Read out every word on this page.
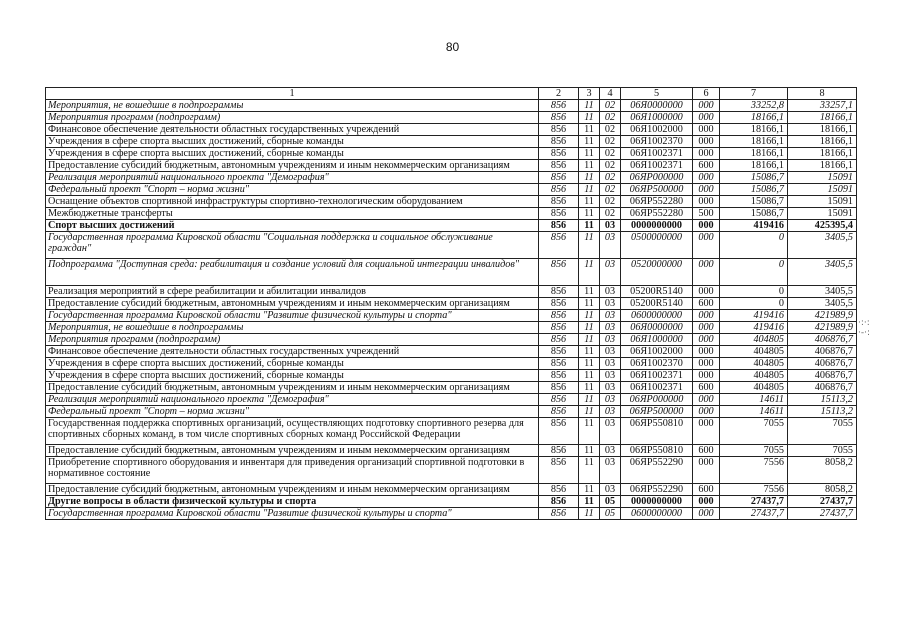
80
1	2	3	4	5	6	7	8
Мероприятия, не вошедшие в подпрограммы	856	11	02	06Я0000000	000	33252,8	33257,1
Мероприятия программ (подпрограмм)	856	11	02	06Я1000000	000	18166,1	18166,1
Финансовое обеспечение деятельности областных государственных учреждений	856	11	02	06Я1002000	000	18166,1	18166,1
Учреждения в сфере спорта высших достижений, сборные команды	856	11	02	06Я1002370	000	18166,1	18166,1
Учреждения в сфере спорта высших достижений, сборные команды	856	11	02	06Я1002371	000	18166,1	18166,1
Предоставление субсидий бюджетным, автономным учреждениям и иным некоммерческим организациям	856	11	02	06Я1002371	600	18166,1	18166,1
Реализация мероприятий национального проекта "Демография"	856	11	02	06ЯР000000	000	15086,7	15091
Федеральный проект "Спорт – норма жизни"	856	11	02	06ЯР500000	000	15086,7	15091
Оснащение объектов спортивной инфраструктуры спортивно-технологическим оборудованием	856	11	02	06ЯР552280	000	15086,7	15091
Межбюджетные трансферты	856	11	02	06ЯР552280	500	15086,7	15091
Спорт высших достижений	856	11	03	0000000000	000	419416	425395,4
Государственная программа Кировской области "Социальная поддержка и социальное обслуживание граждан"	856	11	03	0500000000	000	0	3405,5
Подпрограмма "Доступная среда: реабилитация и создание условий для социальной интеграции инвалидов"	856	11	03	0520000000	000	0	3405,5
Реализация мероприятий в сфере реабилитации и абилитации инвалидов	856	11	03	05200R5140	000	0	3405,5
Предоставление субсидий бюджетным, автономным учреждениям и иным некоммерческим организациям	856	11	03	05200R5140	600	0	3405,5
Государственная программа Кировской области "Развитие физической культуры и спорта"	856	11	03	0600000000	000	419416	421989,9
Мероприятия, не вошедшие в подпрограммы	856	11	03	06Я0000000	000	419416	421989,9
Мероприятия программ (подпрограмм)	856	11	03	06Я1000000	000	404805	406876,7
Финансовое обеспечение деятельности областных государственных учреждений	856	11	03	06Я1002000	000	404805	406876,7
Учреждения в сфере спорта высших достижений, сборные команды	856	11	03	06Я1002370	000	404805	406876,7
Учреждения в сфере спорта высших достижений, сборные команды	856	11	03	06Я1002371	000	404805	406876,7
Предоставление субсидий бюджетным, автономным учреждениям и иным некоммерческим организациям	856	11	03	06Я1002371	600	404805	406876,7
Реализация мероприятий национального проекта "Демография"	856	11	03	06ЯР000000	000	14611	15113,2
Федеральный проект "Спорт – норма жизни"	856	11	03	06ЯР500000	000	14611	15113,2
Государственная поддержка спортивных организаций, осуществляющих подготовку спортивного резерва для спортивных сборных команд, в том числе спортивных сборных команд Российской Федерации	856	11	03	06ЯР550810	000	7055	7055
Предоставление субсидий бюджетным, автономным учреждениям и иным некоммерческим организациям	856	11	03	06ЯР550810	600	7055	7055
Приобретение спортивного оборудования и инвентаря для приведения организаций спортивной подготовки в нормативное состояние	856	11	03	06ЯР552290	000	7556	8058,2
Предоставление субсидий бюджетным, автономным учреждениям и иным некоммерческим организациям	856	11	03	06ЯР552290	600	7556	8058,2
Другие вопросы в области физической культуры и спорта	856	11	05	0000000000	000	27437,7	27437,7
Государственная программа Кировской области "Развитие физической культуры и спорта"	856	11	05	0600000000	000	27437,7	27437,7
·:·:
·-·:
